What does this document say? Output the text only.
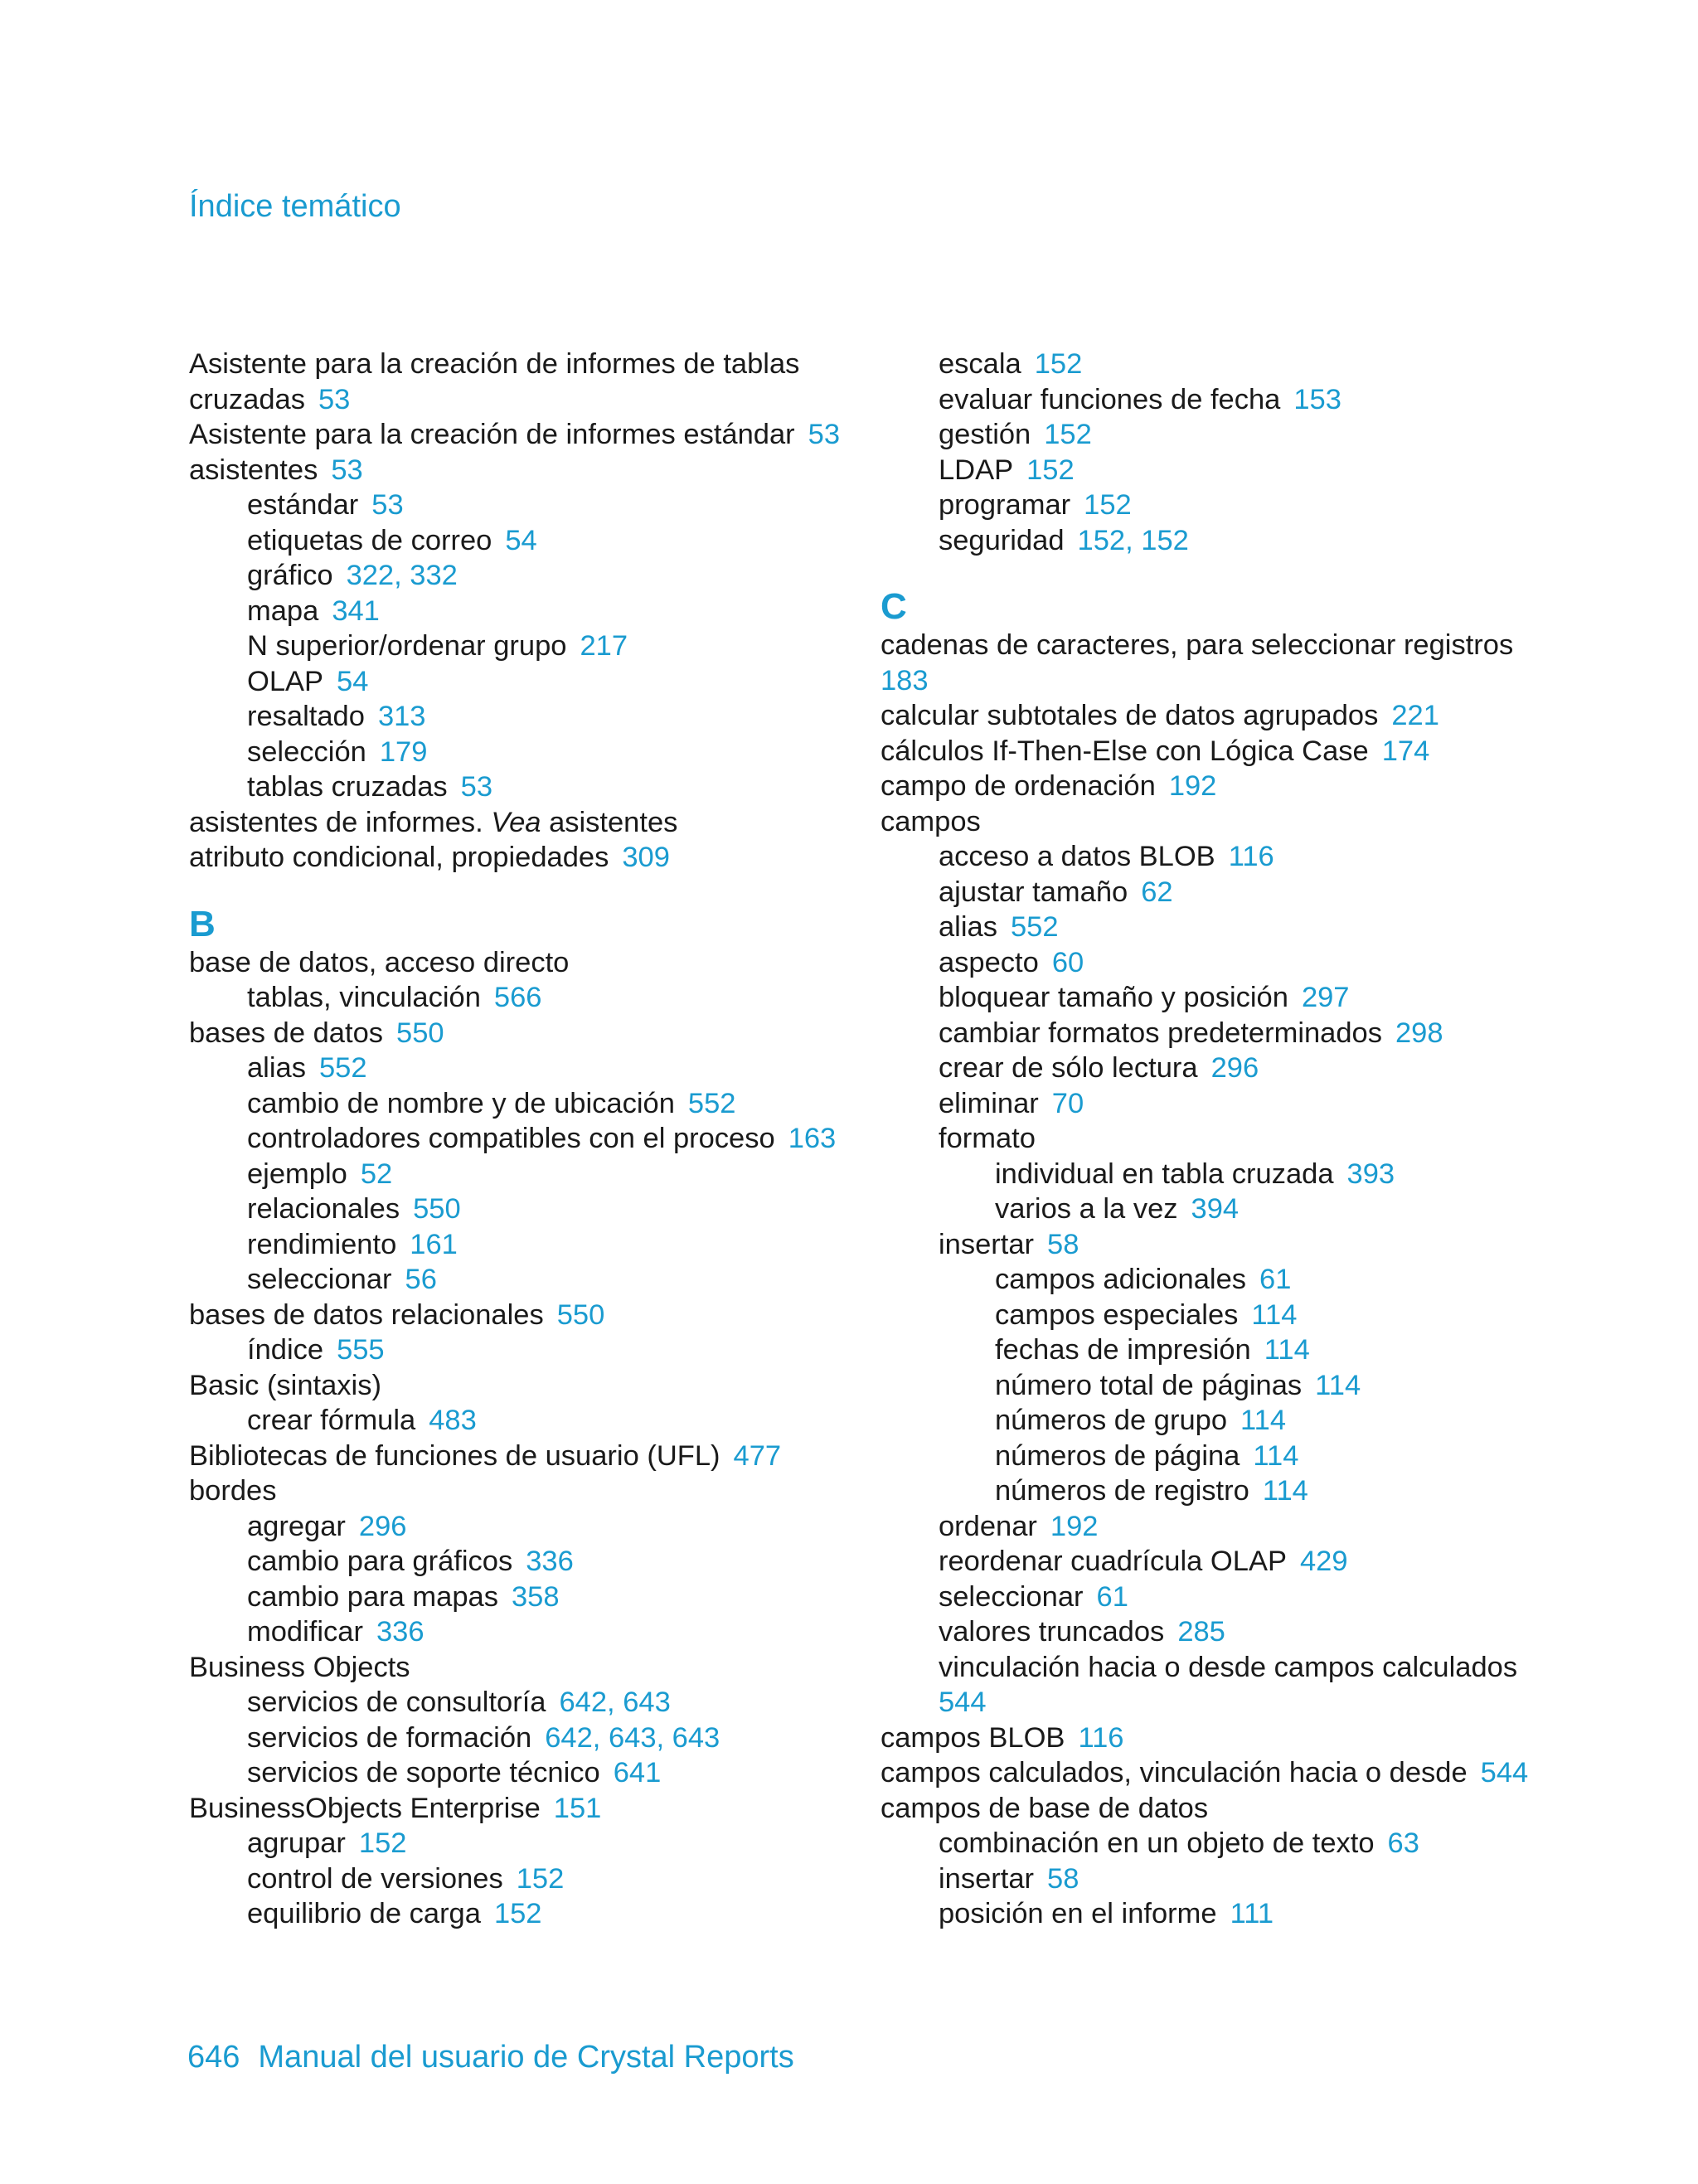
Índice temático
Asistente para la creación de informes de tablas
cruzadas 53
Asistente para la creación de informes estándar 53
asistentes 53
estándar 53
etiquetas de correo 54
gráfico 322, 332
mapa 341
N superior/ordenar grupo 217
OLAP 54
resaltado 313
selección 179
tablas cruzadas 53
asistentes de informes. Vea asistentes
atributo condicional, propiedades 309
B
base de datos, acceso directo
tablas, vinculación 566
bases de datos 550
alias 552
cambio de nombre y de ubicación 552
controladores compatibles con el proceso 163
ejemplo 52
relacionales 550
rendimiento 161
seleccionar 56
bases de datos relacionales 550
índice 555
Basic (sintaxis)
crear fórmula 483
Bibliotecas de funciones de usuario (UFL) 477
bordes
agregar 296
cambio para gráficos 336
cambio para mapas 358
modificar 336
Business Objects
servicios de consultoría 642, 643
servicios de formación 642, 643, 643
servicios de soporte técnico 641
BusinessObjects Enterprise 151
agrupar 152
control de versiones 152
equilibrio de carga 152
escala 152
evaluar funciones de fecha 153
gestión 152
LDAP 152
programar 152
seguridad 152, 152
C
cadenas de caracteres, para seleccionar registros
183
calcular subtotales de datos agrupados 221
cálculos If-Then-Else con Lógica Case 174
campo de ordenación 192
campos
acceso a datos BLOB 116
ajustar tamaño 62
alias 552
aspecto 60
bloquear tamaño y posición 297
cambiar formatos predeterminados 298
crear de sólo lectura 296
eliminar 70
formato
individual en tabla cruzada 393
varios a la vez 394
insertar 58
campos adicionales 61
campos especiales 114
fechas de impresión 114
número total de páginas 114
números de grupo 114
números de página 114
números de registro 114
ordenar 192
reordenar cuadrícula OLAP 429
seleccionar 61
valores truncados 285
vinculación hacia o desde campos calculados
544
campos BLOB 116
campos calculados, vinculación hacia o desde 544
campos de base de datos
combinación en un objeto de texto 63
insertar 58
posición en el informe 111
646 Manual del usuario de Crystal Reports
